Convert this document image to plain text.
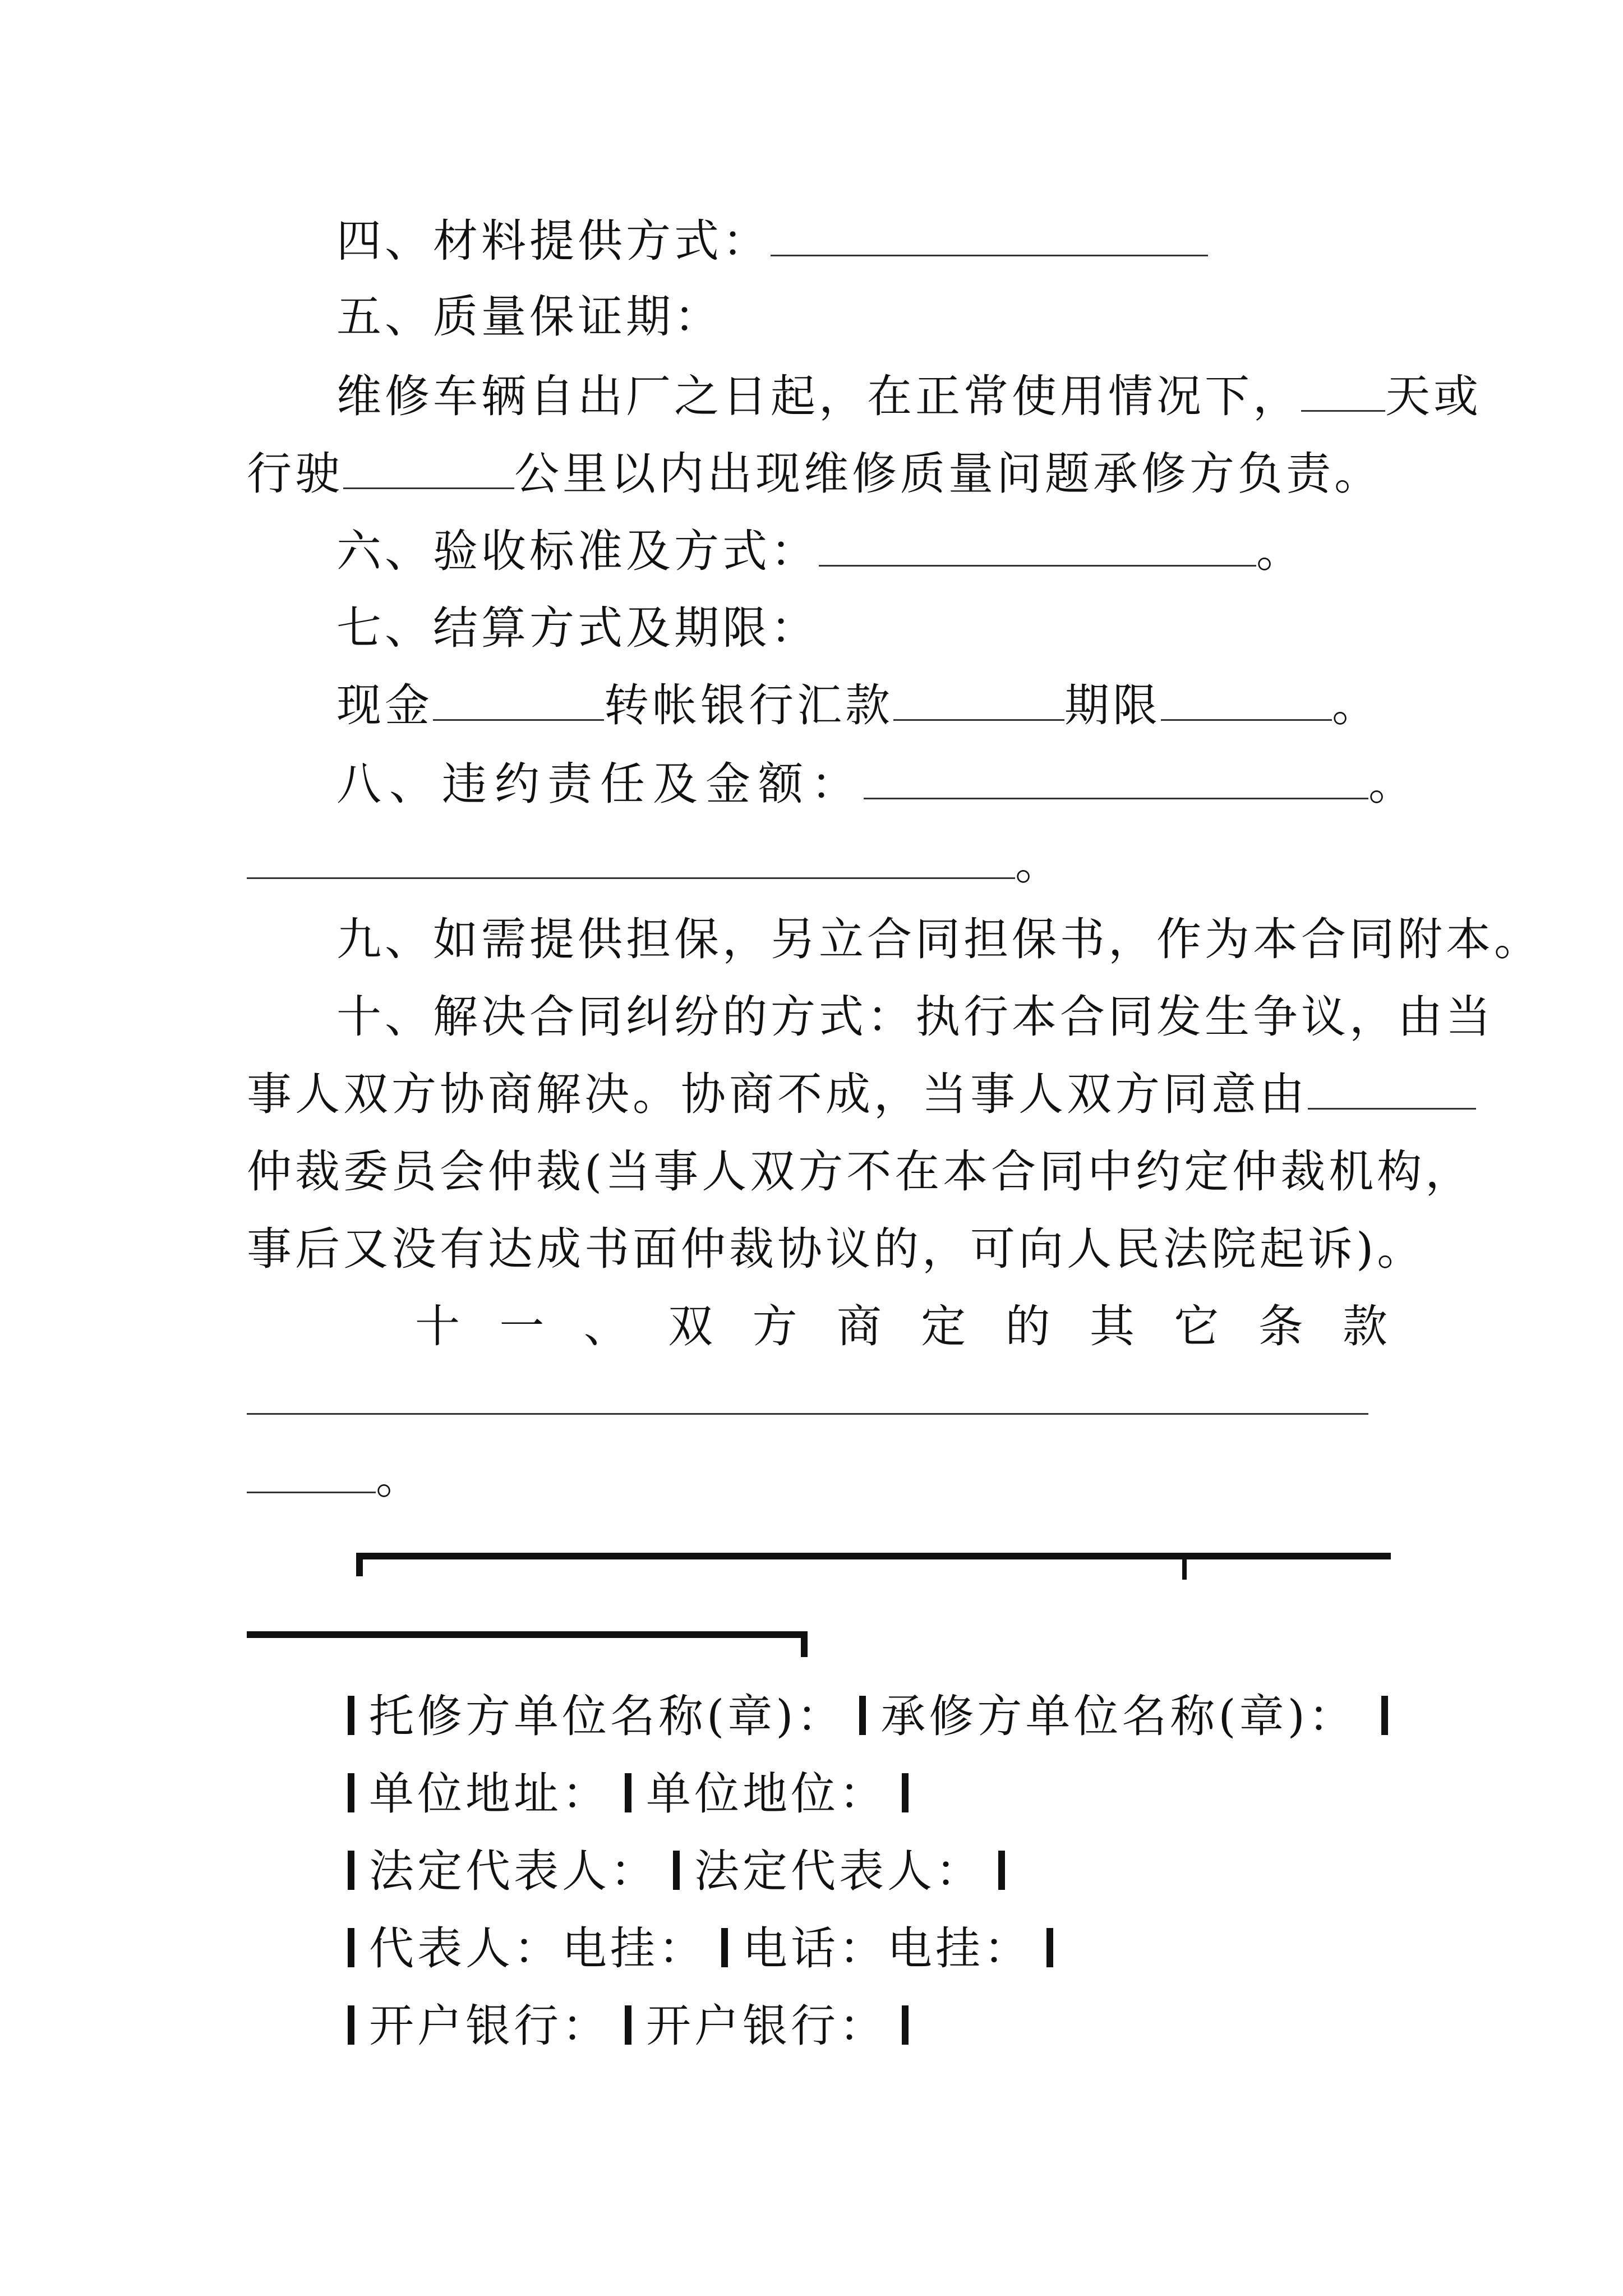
四、材料提供方式：
五、质量保证期：
维修车辆自出厂之日起，在正常使用情况下， 天或
行驶	公里以内出现维修质量问题承修方负责。
六、验收标准及方式：	。
七、结算方式及期限：
现金	转帐银行汇款	期限	。
八、违约责任及金额：	。
。
九、如需提供担保，另立合同担保书，作为本合同附本。
十、解决合同纠纷的方式：执行本合同发生争议，由当
事人双方协商解决。协商不成，当事人双方同意由
仲裁委员会仲裁(当事人双方不在本合同中约定仲裁机构，
事后又没有达成书面仲裁协议的，可向人民法院起诉)。
十 一 、 双 方 商 定 的 其 它 条 款
。
托修方单位名称(章)： 承修方单位名称(章)：
单位地址： 单位地位：
法定代表人： 法定代表人：
代表人：电挂： 电话：电挂：
开户银行： 开户银行：
